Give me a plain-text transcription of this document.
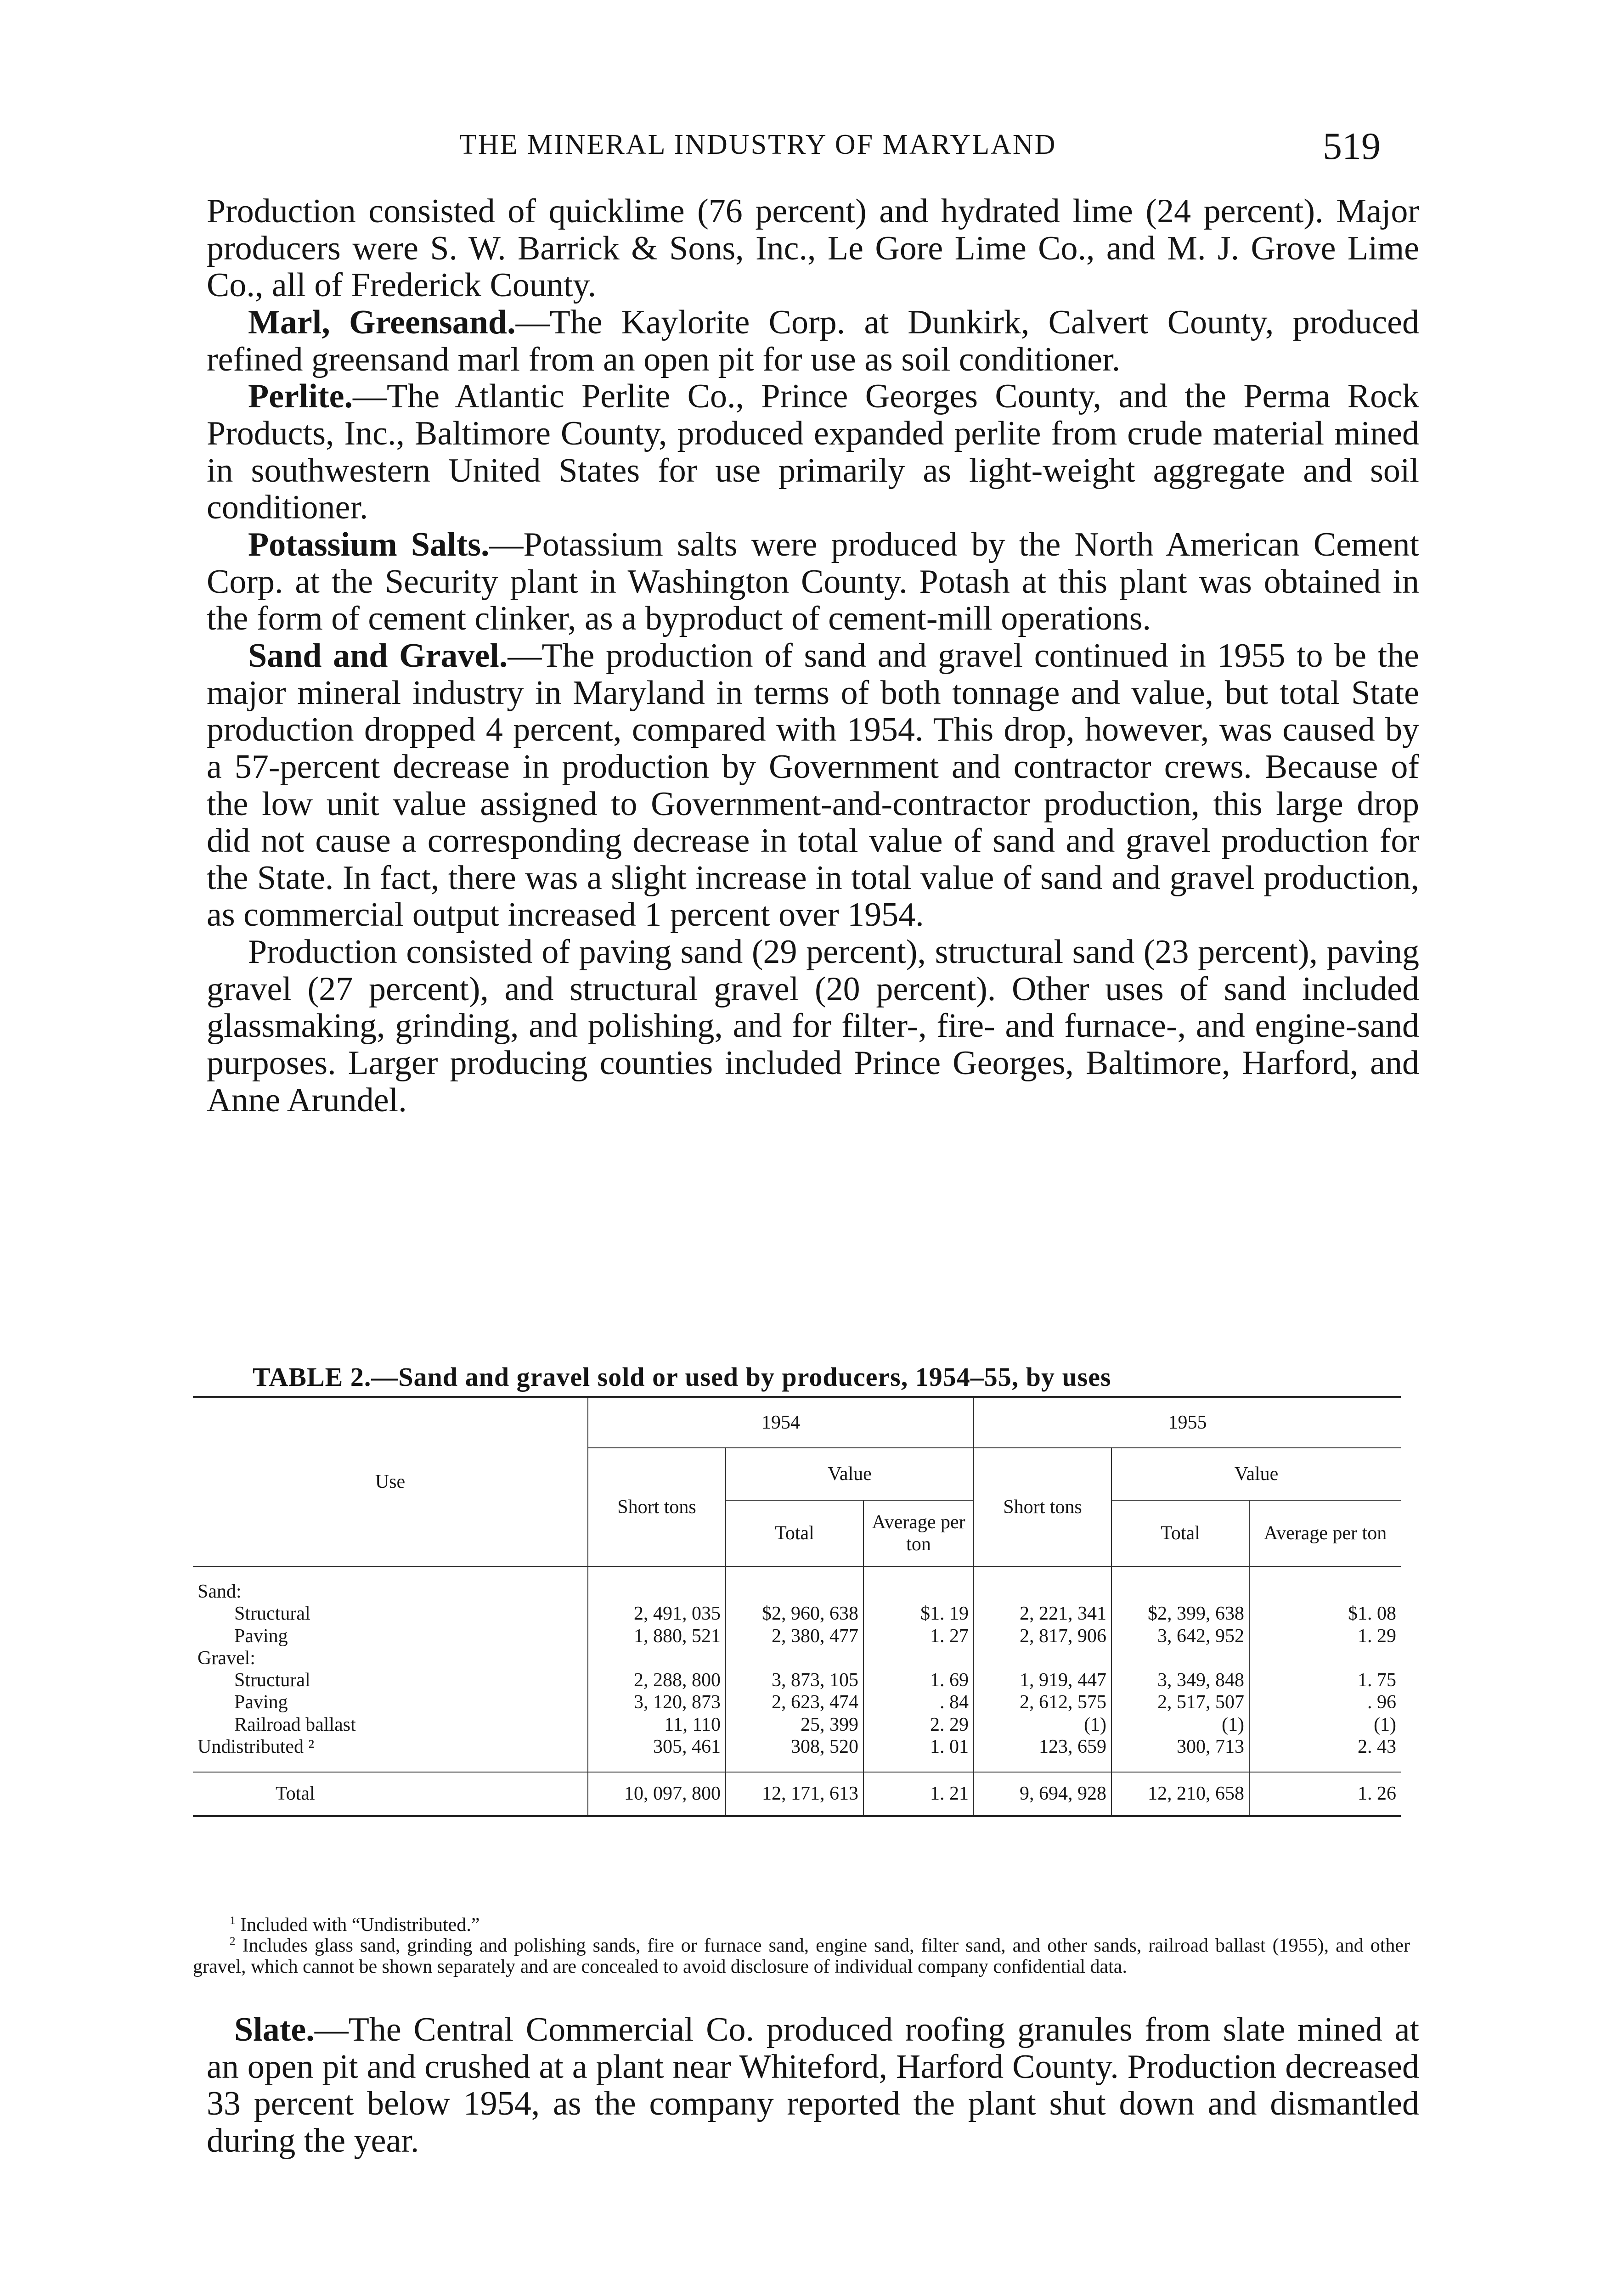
THE MINERAL INDUSTRY OF MARYLAND	519

Production consisted of quicklime (76 percent) and hydrated lime (24 percent). Major producers were S. W. Barrick & Sons, Inc., Le Gore Lime Co., and M. J. Grove Lime Co., all of Frederick County.

Marl, Greensand.—The Kaylorite Corp. at Dunkirk, Calvert County, produced refined greensand marl from an open pit for use as soil conditioner.

Perlite.—The Atlantic Perlite Co., Prince Georges County, and the Perma Rock Products, Inc., Baltimore County, produced expanded perlite from crude material mined in southwestern United States for use primarily as light-weight aggregate and soil conditioner.

Potassium Salts.—Potassium salts were produced by the North American Cement Corp. at the Security plant in Washington County. Potash at this plant was obtained in the form of cement clinker, as a byproduct of cement-mill operations.

Sand and Gravel.—The production of sand and gravel continued in 1955 to be the major mineral industry in Maryland in terms of both tonnage and value, but total State production dropped 4 percent, compared with 1954. This drop, however, was caused by a 57-percent decrease in production by Government and contractor crews. Because of the low unit value assigned to Government-and-contractor production, this large drop did not cause a corresponding decrease in total value of sand and gravel production for the State. In fact, there was a slight increase in total value of sand and gravel production, as commercial output increased 1 percent over 1954.

Production consisted of paving sand (29 percent), structural sand (23 percent), paving gravel (27 percent), and structural gravel (20 percent). Other uses of sand included glassmaking, grinding, and polishing, and for filter-, fire- and furnace-, and engine-sand purposes. Larger producing counties included Prince Georges, Baltimore, Harford, and Anne Arundel.

TABLE 2.—Sand and gravel sold or used by producers, 1954–55, by uses
Use	1954			1955		
	Short tons	Value		Short tons	Value	
		Total	Average per ton		Total	Average per ton

Sand:						
Structural	2, 491, 035	$2, 960, 638	$1. 19	2, 221, 341	$2, 399, 638	$1. 08
Paving	1, 880, 521	2, 380, 477	1. 27	2, 817, 906	3, 642, 952	1. 29
Gravel:						
Structural	2, 288, 800	3, 873, 105	1. 69	1, 919, 447	3, 349, 848	1. 75
Paving	3, 120, 873	2, 623, 474	. 84	2, 612, 575	2, 517, 507	. 96
Railroad ballast	11, 110	25, 399	2. 29	(1)	(1)	(1)
Undistributed ²	305, 461	308, 520	1. 01	123, 659	300, 713	2. 43

Total	10, 097, 800	12, 171, 613	1. 21	9, 694, 928	12, 210, 658	1. 26

$^1$ Included with “Undistributed.”

$^2$ Includes glass sand, grinding and polishing sands, fire or furnace sand, engine sand, filter sand, and other sands, railroad ballast (1955), and other gravel, which cannot be shown separately and are concealed to avoid disclosure of individual company confidential data.

Slate.—The Central Commercial Co. produced roofing granules from slate mined at an open pit and crushed at a plant near Whiteford, Harford County. Production decreased 33 percent below 1954, as the company reported the plant shut down and dismantled during the year.
